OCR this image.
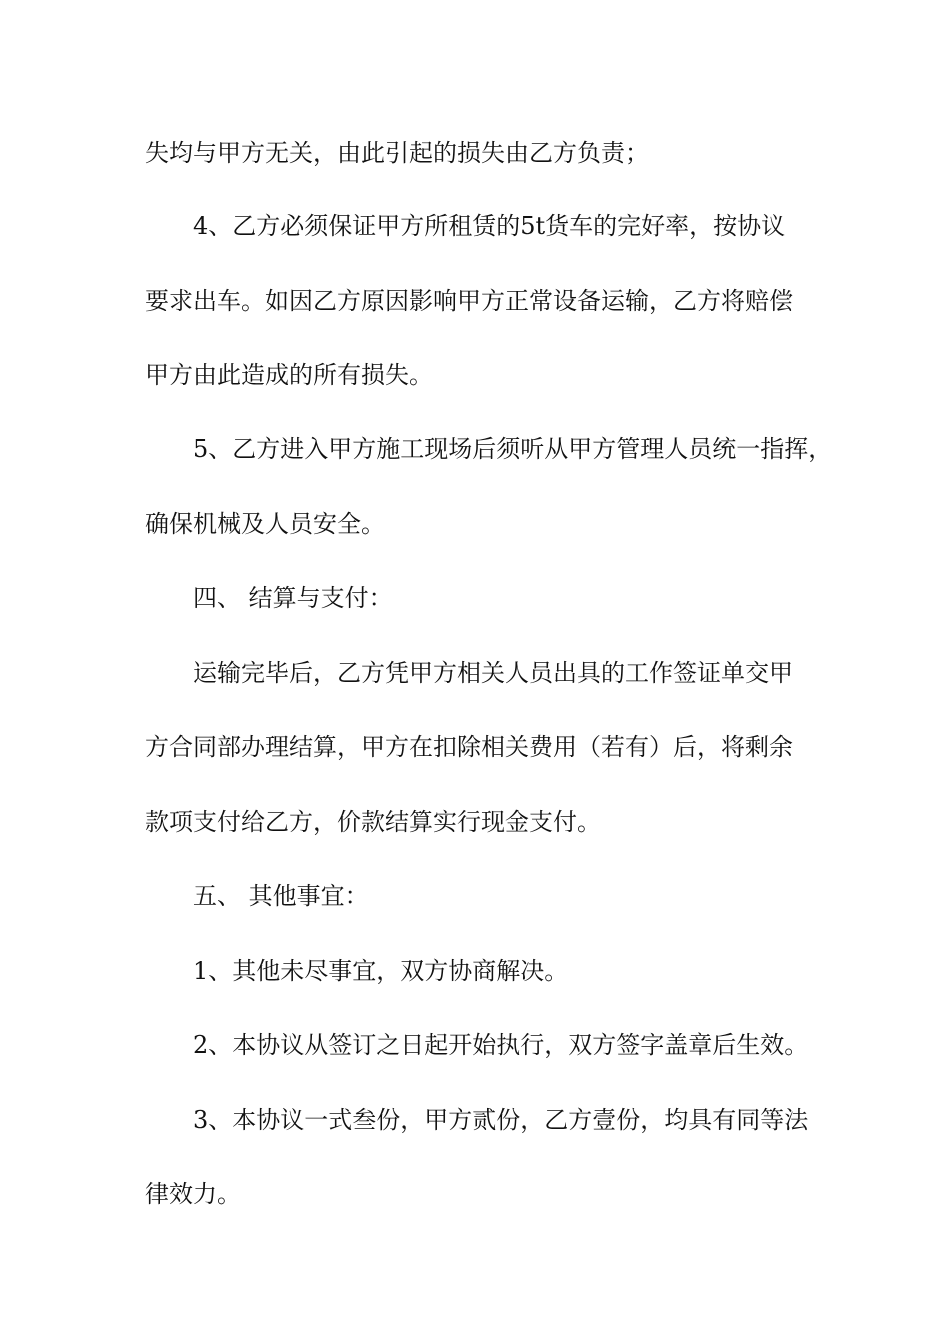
失均与甲方无关，由此引起的损失由乙方负责；
4、乙方必须保证甲方所租赁的5t货车的完好率，按协议
要求出车。如因乙方原因影响甲方正常设备运输，乙方将赔偿
甲方由此造成的所有损失。
5、乙方进入甲方施工现场后须听从甲方管理人员统一指挥，
确保机械及人员安全。
四、 结算与支付：
运输完毕后，乙方凭甲方相关人员出具的工作签证单交甲
方合同部办理结算，甲方在扣除相关费用（若有）后，将剩余
款项支付给乙方，价款结算实行现金支付。
五、 其他事宜：
1、其他未尽事宜，双方协商解决。
2、本协议从签订之日起开始执行，双方签字盖章后生效。
3、本协议一式叁份，甲方贰份，乙方壹份，均具有同等法
律效力。
